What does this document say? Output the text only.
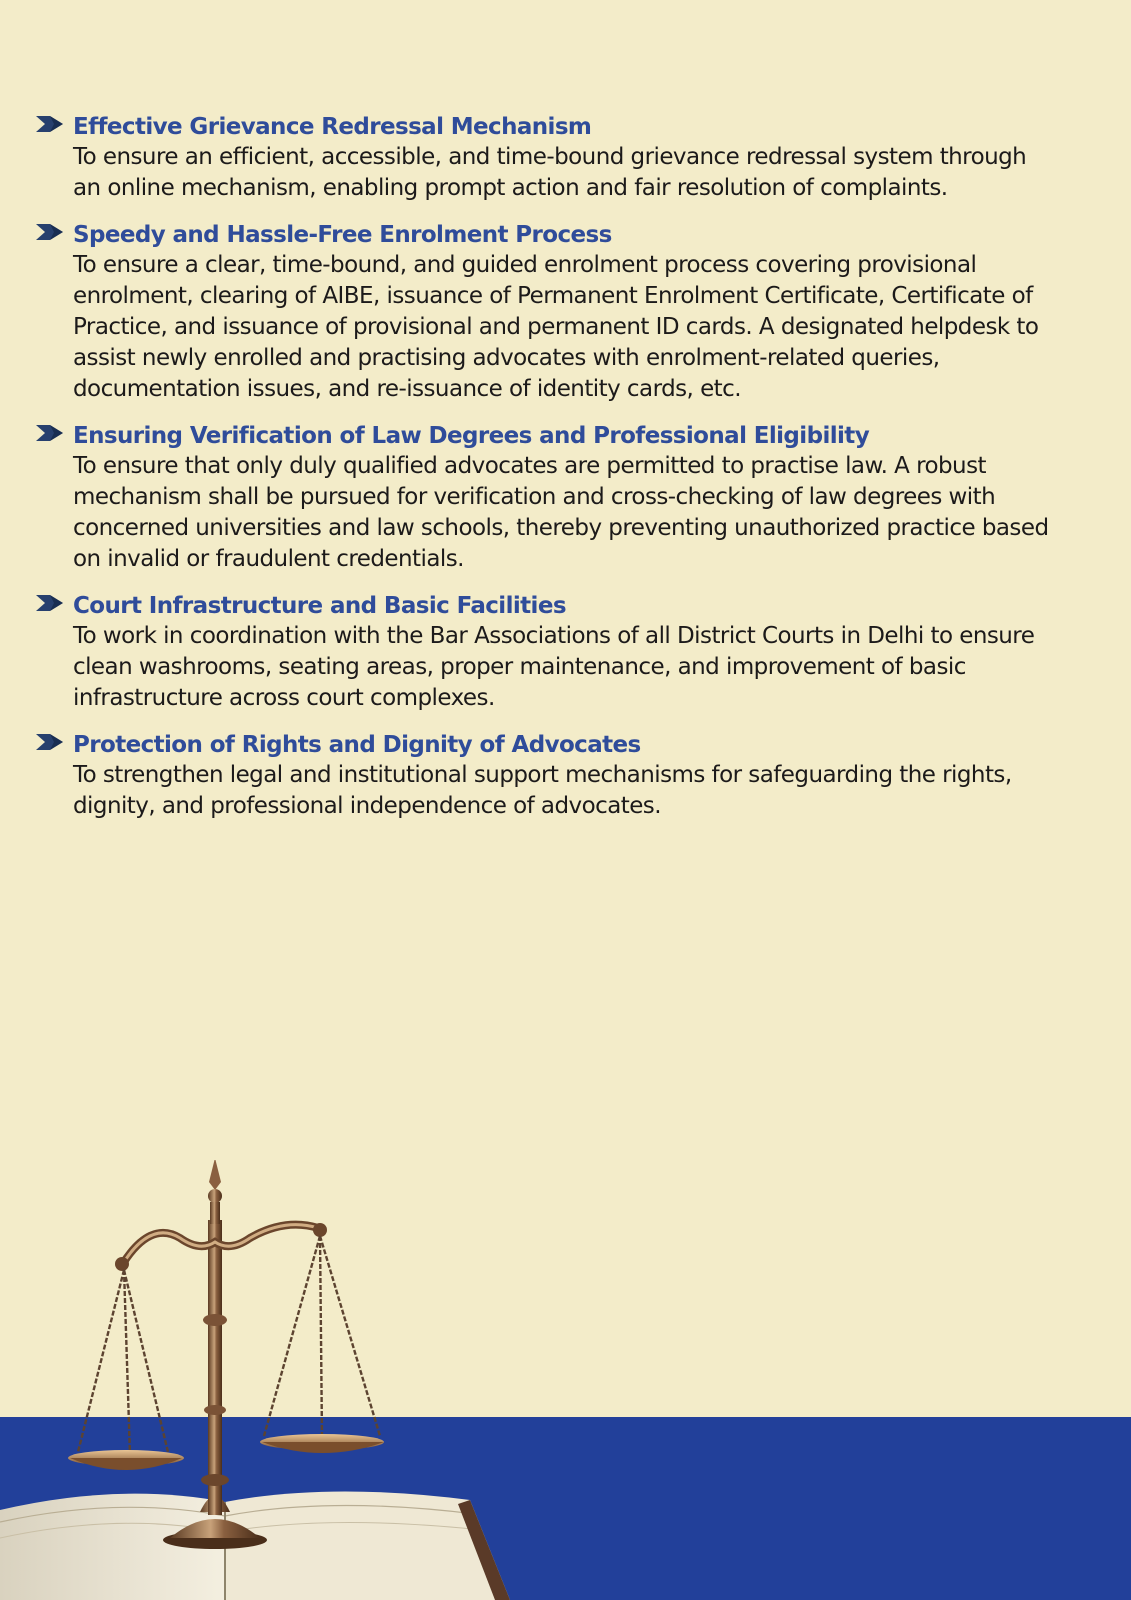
Effective Grievance Redressal Mechanism

To ensure an efficient, accessible, and time-bound grievance redressal system through
an online mechanism, enabling prompt action and fair resolution of complaints.

Speedy and Hassle-Free Enrolment Process

To ensure a clear, time-bound, and guided enrolment process covering provisional
enrolment, clearing of AIBE, issuance of Permanent Enrolment Certificate, Certificate of
Practice, and issuance of provisional and permanent ID cards. A designated helpdesk to
assist newly enrolled and practising advocates with enrolment-related queries,
documentation issues, and re-issuance of identity cards, etc.

Ensuring Verification of Law Degrees and Professional Eligibility

To ensure that only duly qualified advocates are permitted to practise law. A robust
mechanism shall be pursued for verification and cross-checking of law degrees with
concerned universities and law schools, thereby preventing unauthorized practice based
on invalid or fraudulent credentials.

Court Infrastructure and Basic Facilities

To work in coordination with the Bar Associations of all District Courts in Delhi to ensure
clean washrooms, seating areas, proper maintenance, and improvement of basic
infrastructure across court complexes.

Protection of Rights and Dignity of Advocates

To strengthen legal and institutional support mechanisms for safeguarding the rights,
dignity, and professional independence of advocates.
